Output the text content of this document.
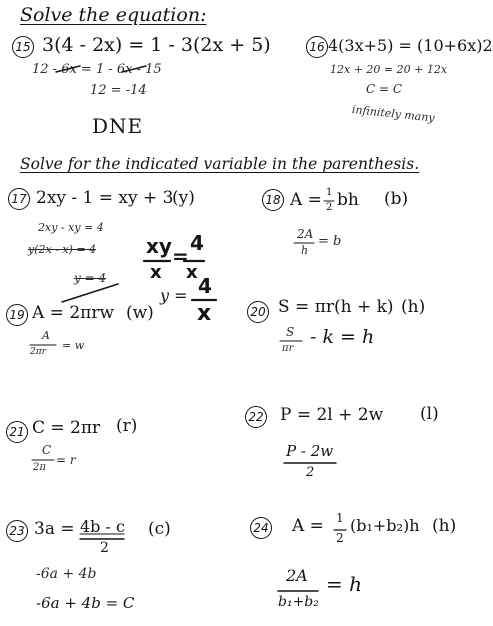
Solve the equation:
15 3(4 - 2x) = 1 - 3(2x + 5)
12 - 6x = 1 - 6x - 15
12 = -14
DNE
16 4(3x+5) = (10+6x)2
12x + 20 = 20 + 12x
C = C
infinitely many
Solve for the indicated variable in the parenthesis.
17 2xy - 1 = xy + 3
(y)
2xy - xy = 4
y(2x - x) = 4
y = 4
xy
x
=
4
x
y = 4
x
18 A = 1
2 bh (b)
2A
h
= b
19 A = 2πrw (w)
A
2πr = w
20 S = πr(h + k) (h)
S
πr
- k = h
21 C = 2πr (r)
C
2π
= r
22 P = 2l + 2w (l)
P - 2w
2
23 3a = 4b - c
2
(c)
-6a + 4b
-6a + 4b = C
24 A = 1
2
(b₁+b₂)h (h)
2A
b₁+b₂
= h
